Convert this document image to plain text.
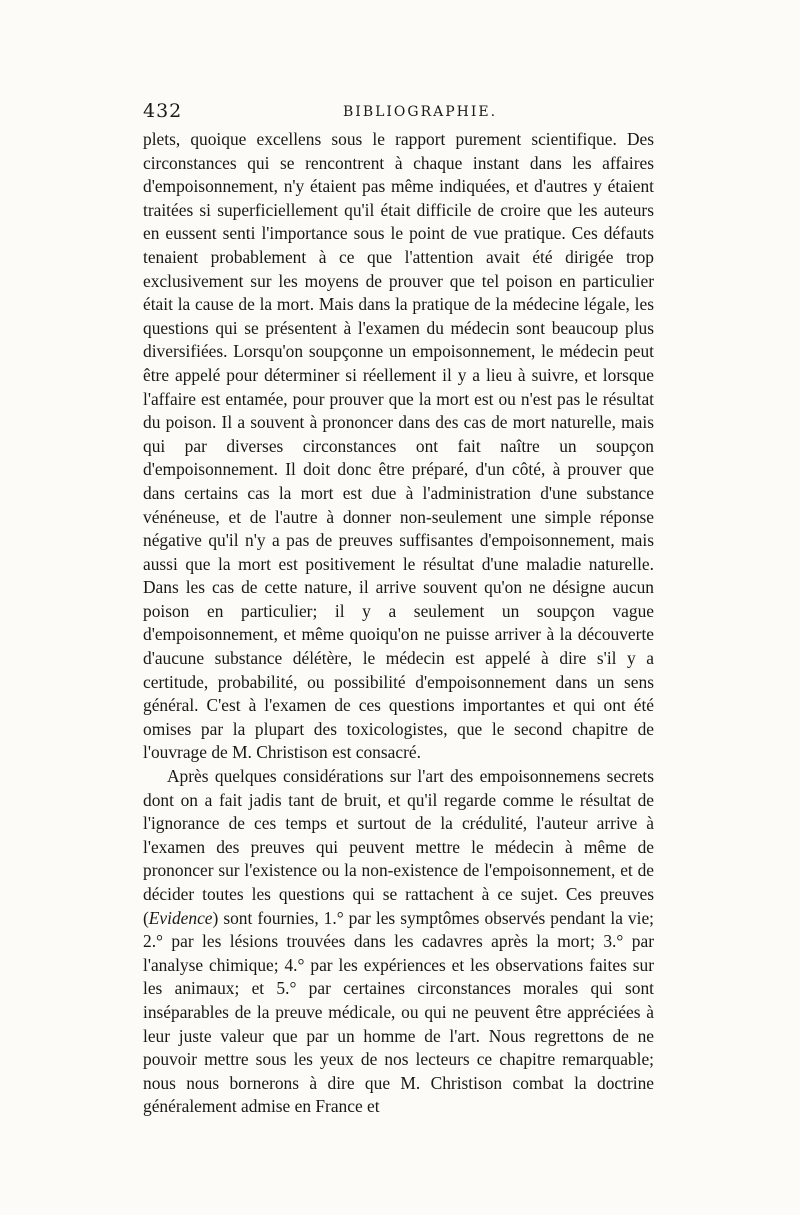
432	BIBLIOGRAPHIE.

plets, quoique excellens sous le rapport purement scientifique. Des circonstances qui se rencontrent à chaque instant dans les affaires d'empoisonnement, n'y étaient pas même indiquées, et d'autres y étaient traitées si superficiellement qu'il était difficile de croire que les auteurs en eussent senti l'importance sous le point de vue pratique. Ces défauts tenaient probablement à ce que l'attention avait été dirigée trop exclusivement sur les moyens de prouver que tel poison en particulier était la cause de la mort. Mais dans la pratique de la médecine légale, les questions qui se présentent à l'examen du médecin sont beaucoup plus diversifiées. Lorsqu'on soupçonne un empoisonnement, le médecin peut être appelé pour déterminer si réellement il y a lieu à suivre, et lorsque l'affaire est entamée, pour prouver que la mort est ou n'est pas le résultat du poison. Il a souvent à prononcer dans des cas de mort naturelle, mais qui par diverses circonstances ont fait naître un soupçon d'empoisonnement. Il doit donc être préparé, d'un côté, à prouver que dans certains cas la mort est due à l'administration d'une substance vénéneuse, et de l'autre à donner non-seulement une simple réponse négative qu'il n'y a pas de preuves suffisantes d'empoisonnement, mais aussi que la mort est positivement le résultat d'une maladie naturelle. Dans les cas de cette nature, il arrive souvent qu'on ne désigne aucun poison en particulier; il y a seulement un soupçon vague d'empoisonnement, et même quoiqu'on ne puisse arriver à la découverte d'aucune substance délétère, le médecin est appelé à dire s'il y a certitude, probabilité, ou possibilité d'empoisonnement dans un sens général. C'est à l'examen de ces questions importantes et qui ont été omises par la plupart des toxicologistes, que le second chapitre de l'ouvrage de M. Christison est consacré.

Après quelques considérations sur l'art des empoisonnemens secrets dont on a fait jadis tant de bruit, et qu'il regarde comme le résultat de l'ignorance de ces temps et surtout de la crédulité, l'auteur arrive à l'examen des preuves qui peuvent mettre le médecin à même de prononcer sur l'existence ou la non-existence de l'empoisonnement, et de décider toutes les questions qui se rattachent à ce sujet. Ces preuves (Evidence) sont fournies, 1.° par les symptômes observés pendant la vie; 2.° par les lésions trouvées dans les cadavres après la mort; 3.° par l'analyse chimique; 4.° par les expériences et les observations faites sur les animaux; et 5.° par certaines circonstances morales qui sont inséparables de la preuve médicale, ou qui ne peuvent être appréciées à leur juste valeur que par un homme de l'art. Nous regrettons de ne pouvoir mettre sous les yeux de nos lecteurs ce chapitre remarquable; nous nous bornerons à dire que M. Christison combat la doctrine généralement admise en France et
